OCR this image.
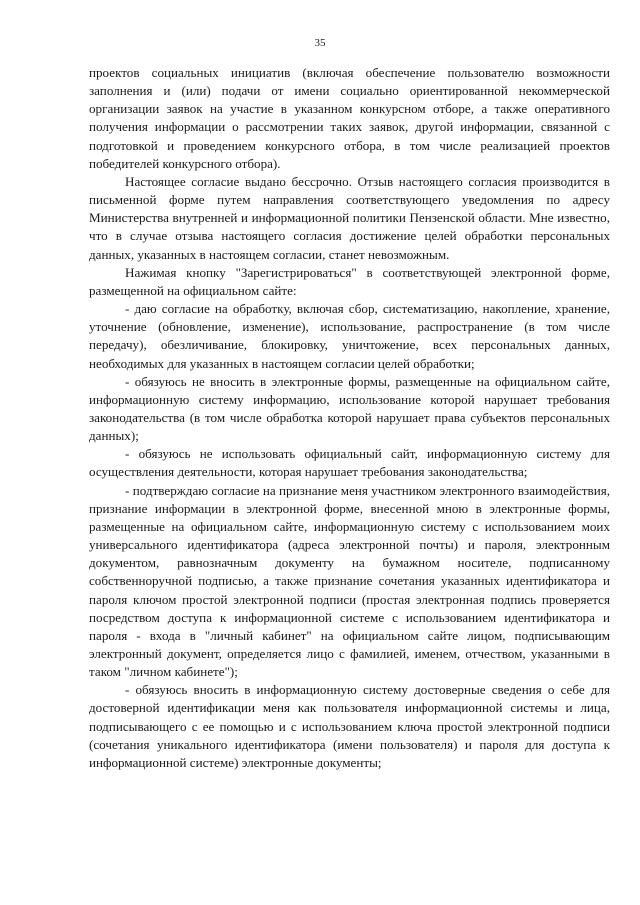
35

проектов социальных инициатив (включая обеспечение пользователю возможности заполнения и (или) подачи от имени социально ориентированной некоммерческой организации заявок на участие в указанном конкурсном отборе, а также оперативного получения информации о рассмотрении таких заявок, другой информации, связанной с подготовкой и проведением конкурсного отбора, в том числе реализацией проектов победителей конкурсного отбора).

Настоящее согласие выдано бессрочно. Отзыв настоящего согласия производится в письменной форме путем направления соответствующего уведомления по адресу Министерства внутренней и информационной политики Пензенской области. Мне известно, что в случае отзыва настоящего согласия достижение целей обработки персональных данных, указанных в настоящем согласии, станет невозможным.

Нажимая кнопку "Зарегистрироваться" в соответствующей электронной форме, размещенной на официальном сайте:

- даю согласие на обработку, включая сбор, систематизацию, накопление, хранение, уточнение (обновление, изменение), использование, распространение (в том числе передачу), обезличивание, блокировку, уничтожение, всех персональных данных, необходимых для указанных в настоящем согласии целей обработки;

- обязуюсь не вносить в электронные формы, размещенные на официальном сайте, информационную систему информацию, использование которой нарушает требования законодательства (в том числе обработка которой нарушает права субъектов персональных данных);

- обязуюсь не использовать официальный сайт, информационную систему для осуществления деятельности, которая нарушает требования законодательства;

- подтверждаю согласие на признание меня участником электронного взаимодействия, признание информации в электронной форме, внесенной мною в электронные формы, размещенные на официальном сайте, информационную систему с использованием моих универсального идентификатора (адреса электронной почты) и пароля, электронным документом, равнозначным документу на бумажном носителе, подписанному собственноручной подписью, а также признание сочетания указанных идентификатора и пароля ключом простой электронной подписи (простая электронная подпись проверяется посредством доступа к информационной системе с использованием идентификатора и пароля - входа в "личный кабинет" на официальном сайте лицом, подписывающим электронный документ, определяется лицо с фамилией, именем, отчеством, указанными в таком "личном кабинете");

- обязуюсь вносить в информационную систему достоверные сведения о себе для достоверной идентификации меня как пользователя информационной системы и лица, подписывающего с ее помощью и с использованием ключа простой электронной подписи (сочетания уникального идентификатора (имени пользователя) и пароля для доступа к информационной системе) электронные документы;
